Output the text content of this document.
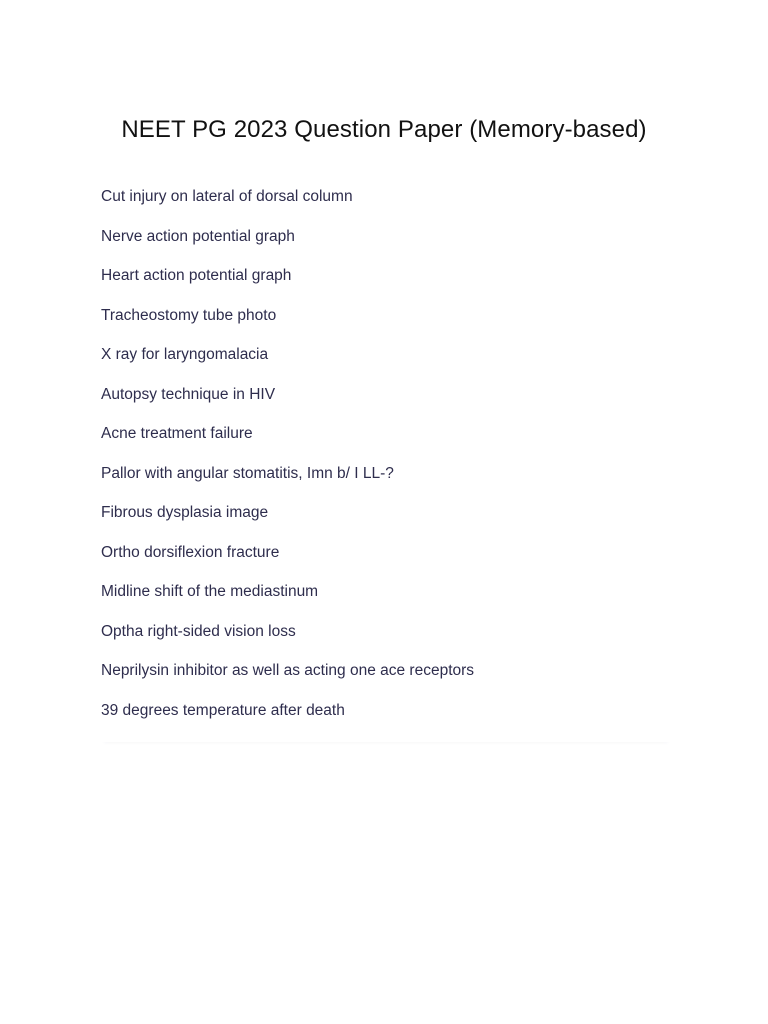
NEET PG 2023 Question Paper (Memory-based)
Cut injury on lateral of dorsal column
Nerve action potential graph
Heart action potential graph
Tracheostomy tube photo
X ray for laryngomalacia
Autopsy technique in HIV
Acne treatment failure
Pallor with angular stomatitis, Imn b/ I LL-?
Fibrous dysplasia image
Ortho dorsiflexion fracture
Midline shift of the mediastinum
Optha right-sided vision loss
Neprilysin inhibitor as well as acting one ace receptors
39 degrees temperature after death
